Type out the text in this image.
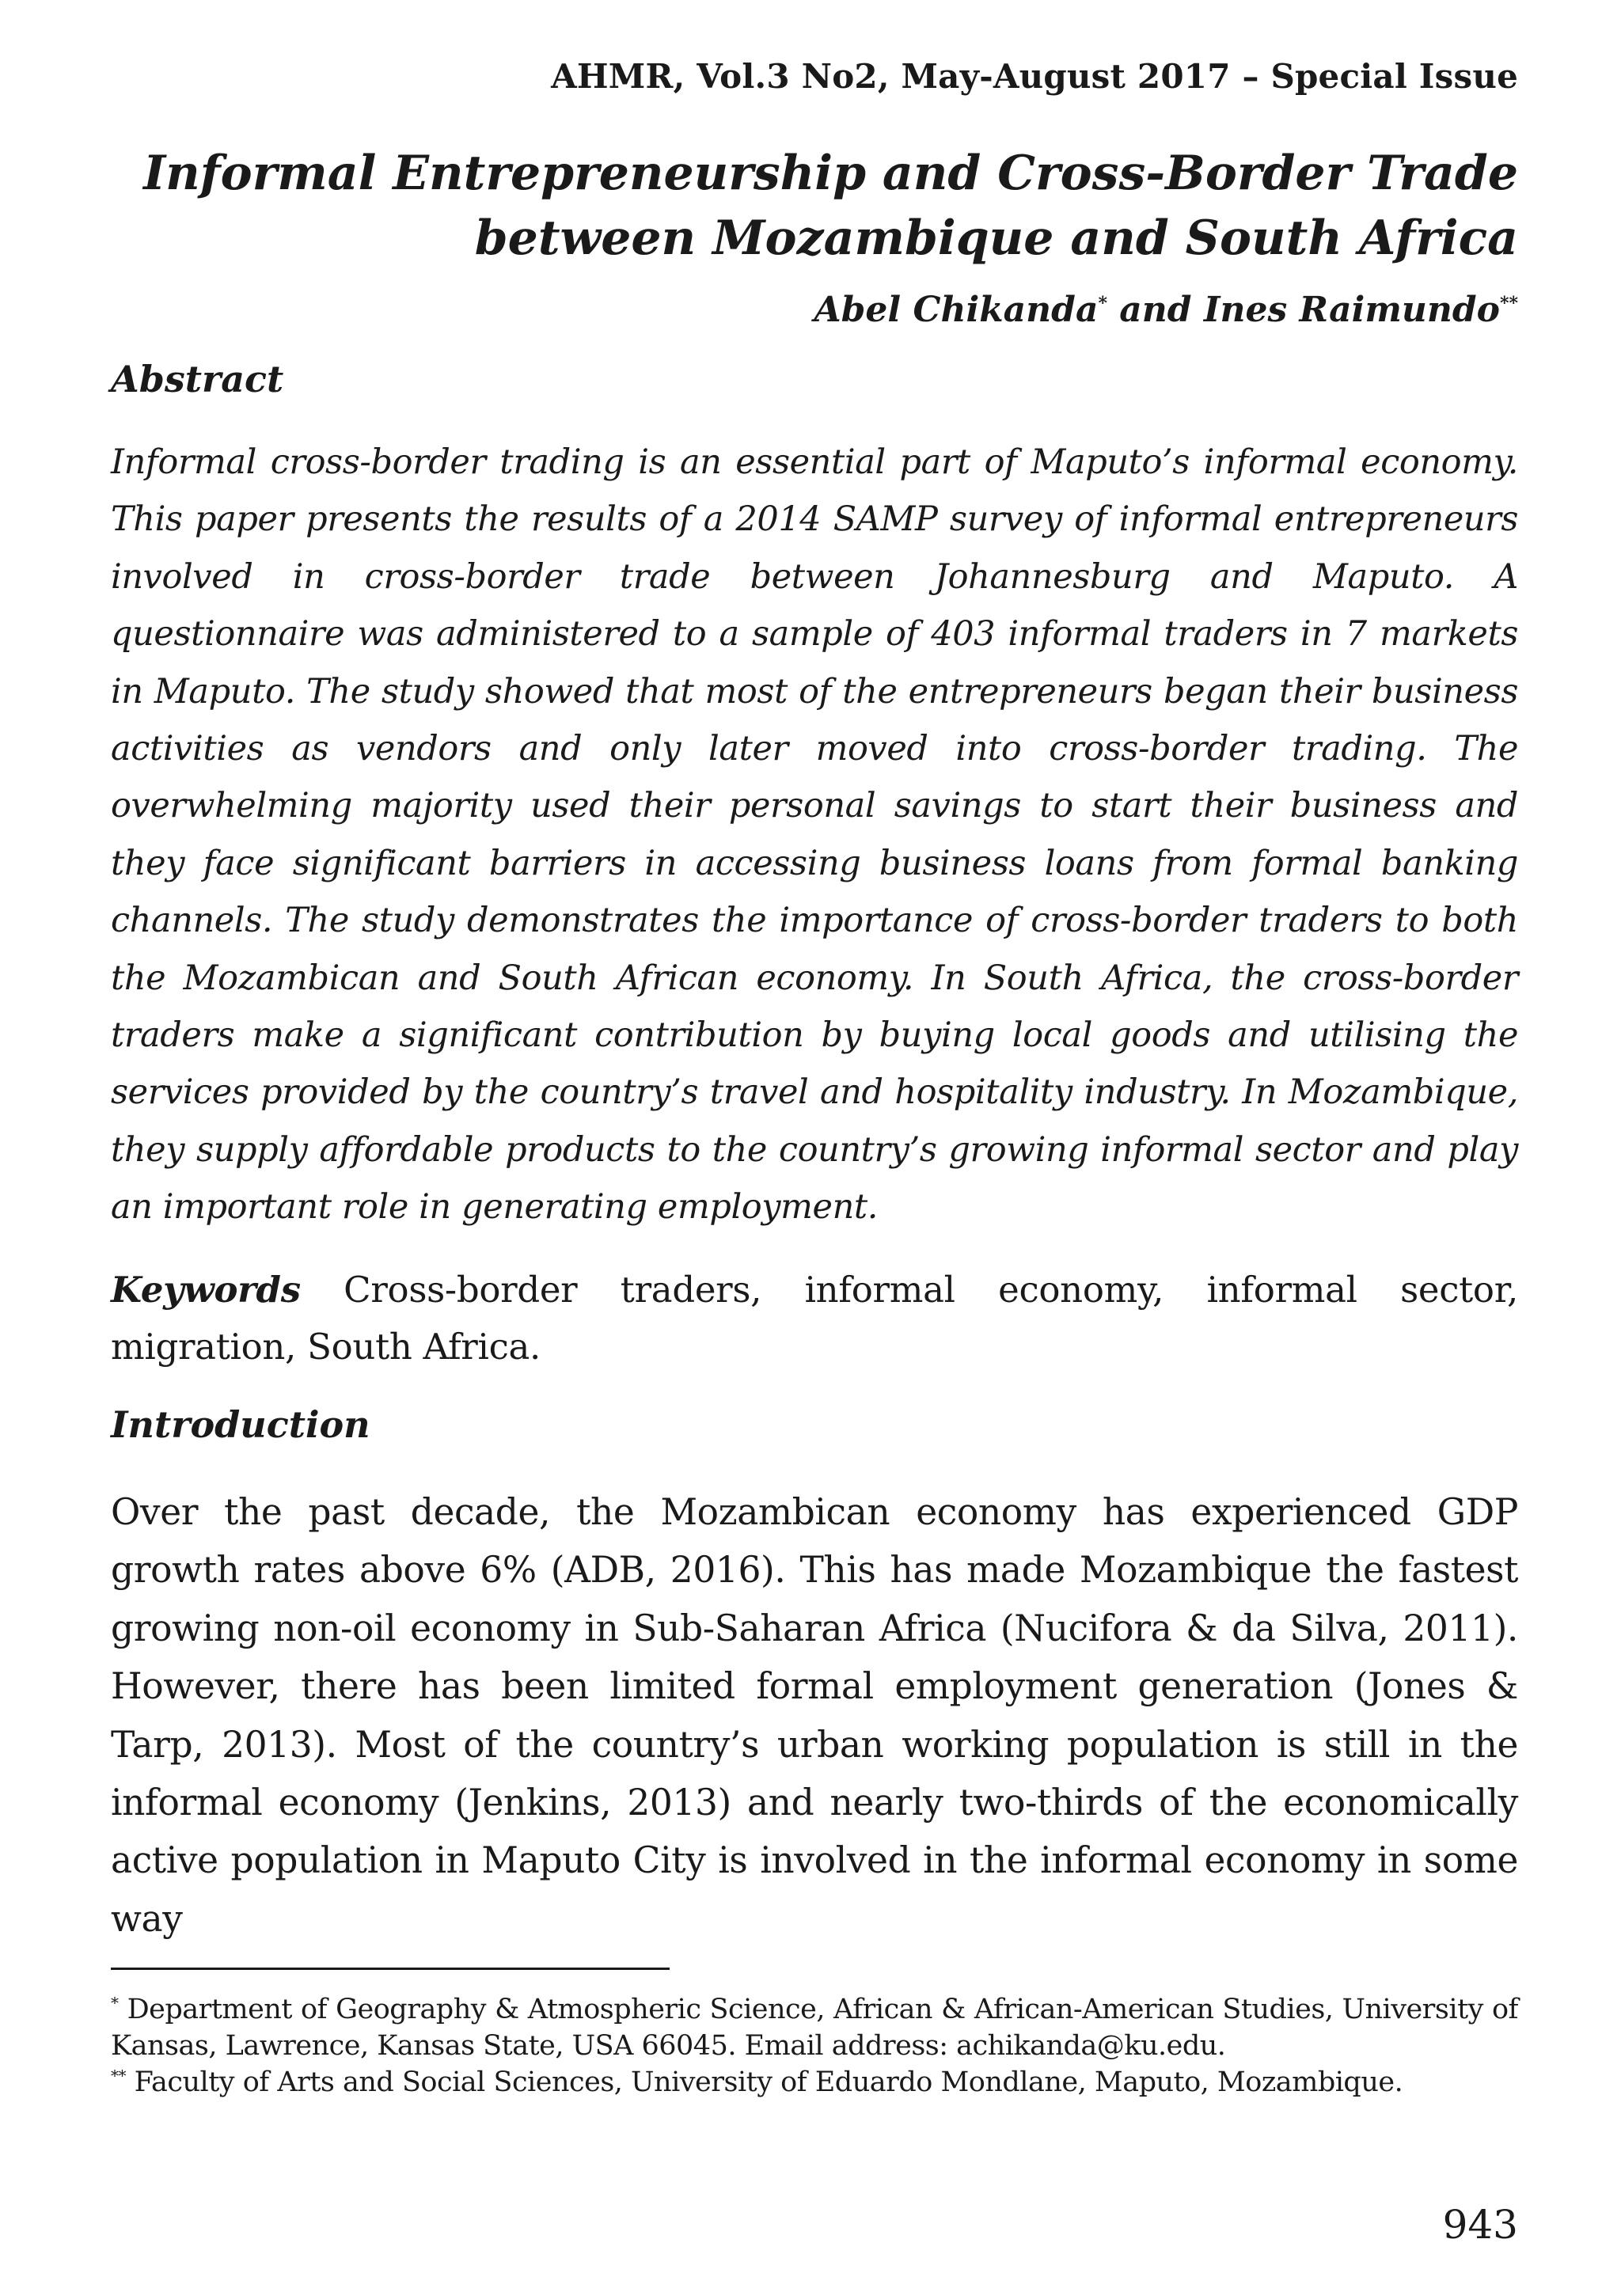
AHMR, Vol.3 No2, May-August 2017 – Special Issue
Informal Entrepreneurship and Cross-Border Trade
between Mozambique and South Africa
Abel Chikanda* and Ines Raimundo**
Abstract

Informal cross-border trading is an essential part of Maputo’s informal economy. This paper presents the results of a 2014 SAMP survey of informal entrepreneurs involved in cross-border trade between Johannesburg and Maputo. A questionnaire was administered to a sample of 403 informal traders in 7 markets in Maputo. The study showed that most of the entrepreneurs began their business activities as vendors and only later moved into cross-border trading. The overwhelming majority used their personal savings to start their business and they face significant barriers in accessing business loans from formal banking channels. The study demonstrates the importance of cross-border traders to both the Mozambican and South African economy. In South Africa, the cross-border traders make a significant contribution by buying local goods and utilising the services provided by the country’s travel and hospitality industry. In Mozambique, they supply affordable products to the country’s growing informal sector and play an important role in generating employment.

Keywords Cross-border traders, informal economy, informal sector, migration, South Africa.

Introduction

Over the past decade, the Mozambican economy has experienced GDP growth rates above 6% (ADB, 2016). This has made Mozambique the fastest growing non-oil economy in Sub-Saharan Africa (Nucifora & da Silva, 2011). However, there has been limited formal employment generation (Jones & Tarp, 2013). Most of the country’s urban working population is still in the informal economy (Jenkins, 2013) and nearly two-thirds of the economically active population in Maputo City is involved in the informal economy in some way

* Department of Geography & Atmospheric Science, African & African-American Studies, University of Kansas, Lawrence, Kansas State, USA 66045. Email address: achikanda@ku.edu.

** Faculty of Arts and Social Sciences, University of Eduardo Mondlane, Maputo, Mozambique.

943
